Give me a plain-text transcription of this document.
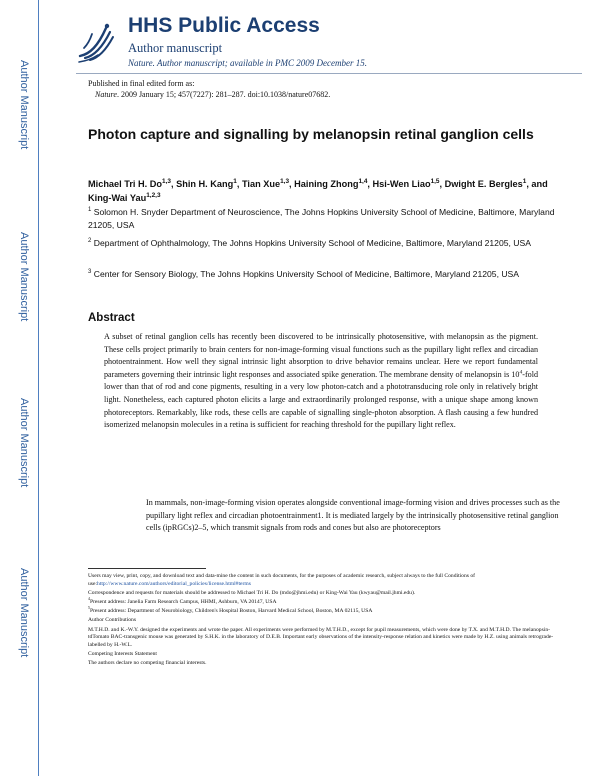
Author Manuscript
Author Manuscript
Author Manuscript
Author Manuscript
HHS Public Access
Author manuscript
Nature. Author manuscript; available in PMC 2009 December 15.
Published in final edited form as:
Nature. 2009 January 15; 457(7227): 281–287. doi:10.1038/nature07682.
Photon capture and signalling by melanopsin retinal ganglion cells
Michael Tri H. Do$^{1,3}$, Shin H. Kang$^1$, Tian Xue$^{1,3}$, Haining Zhong$^{1,4}$, Hsi-Wen Liao$^{1,5}$, Dwight E. Bergles$^1$, and King-Wai Yau$^{1,2,3}$
$^1$ Solomon H. Snyder Department of Neuroscience, The Johns Hopkins University School of Medicine, Baltimore, Maryland 21205, USA
$^2$ Department of Ophthalmology, The Johns Hopkins University School of Medicine, Baltimore, Maryland 21205, USA
$^3$ Center for Sensory Biology, The Johns Hopkins University School of Medicine, Baltimore, Maryland 21205, USA
Abstract
A subset of retinal ganglion cells has recently been discovered to be intrinsically photosensitive, with melanopsin as the pigment. These cells project primarily to brain centers for non-image-forming visual functions such as the pupillary light reflex and circadian photoentrainment. How well they signal intrinsic light absorption to drive behavior remains unclear. Here we report fundamental parameters governing their intrinsic light responses and associated spike generation. The membrane density of melanopsin is $10^4$-fold lower than that of rod and cone pigments, resulting in a very low photon-catch and a phototransducing role only in relatively bright light. Nonetheless, each captured photon elicits a large and extraordinarily prolonged response, with a unique shape among known photoreceptors. Remarkably, like rods, these cells are capable of signalling single-photon absorption. A flash causing a few hundred isomerized melanopsin molecules in a retina is sufficient for reaching threshold for the pupillary light reflex.
In mammals, non-image-forming vision operates alongside conventional image-forming vision and drives processes such as the pupillary light reflex and circadian photoentrainment1. It is mediated largely by the intrinsically photosensitive retinal ganglion cells (ipRGCs)2–5, which transmit signals from rods and cones but also are photoreceptors

Users may view, print, copy, and download text and data-mine the content in such documents, for the purposes of academic research, subject always to the full Conditions of use:http://www.nature.com/authors/editorial_policies/license.html#terms

Correspondence and requests for materials should be addressed to Michael Tri H. Do (mdo@jhmi.edu) or King-Wai Yau (kwyau@mail.jhmi.edu).

$^4$Present address: Janelia Farm Research Campus, HHMI, Ashburn, VA 20147, USA

$^5$Present address: Department of Neurobiology, Children's Hospital Boston, Harvard Medical School, Boston, MA 02115, USA

Author Contributions

M.T.H.D. and K.-W.Y. designed the experiments and wrote the paper. All experiments were performed by M.T.H.D., except for pupil measurements, which were done by T.X. and M.T.H.D. The melanopsin-tdTomato BAC-transgenic mouse was generated by S.H.K. in the laboratory of D.E.B. Important early observations of the intensity-response relation and kinetics were made by H.Z. using animals retrograde-labelled by H.-W.L.

Competing Interests Statement

The authors declare no competing financial interests.
